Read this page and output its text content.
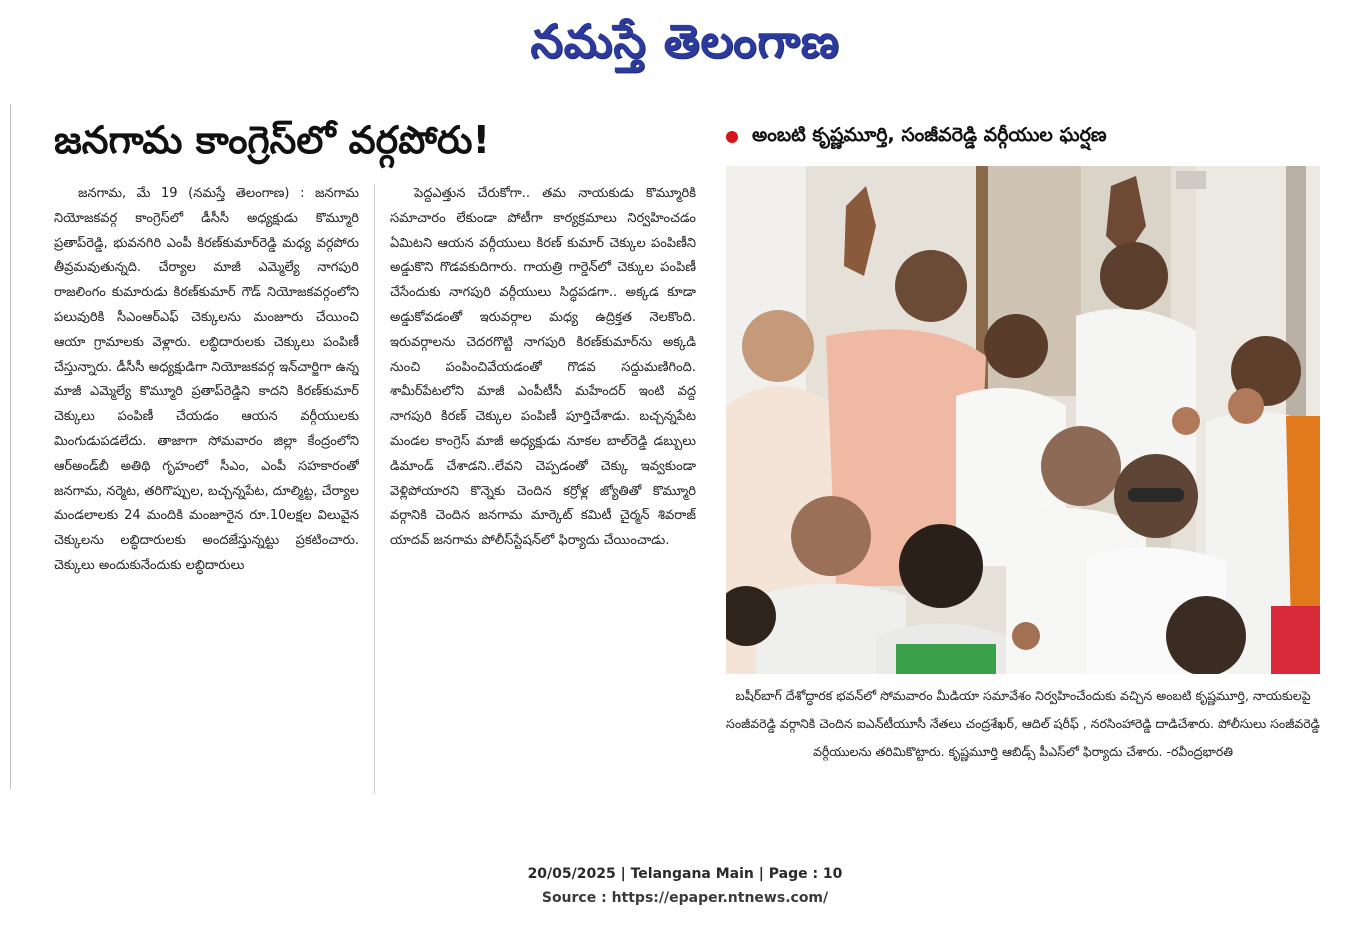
నమస్తే తెలంగాణ
జనగామ కాంగ్రెస్‌లో వర్గపోరు!

జనగామ, మే 19 (నమస్తే తెలంగాణ) : జనగామ నియోజకవర్గ కాంగ్రెస్‌లో డీసీసీ అధ్యక్షుడు కొమ్మూరి ప్రతాప్‌రెడ్డి, భువనగిరి ఎంపీ కిరణ్‌కుమార్‌రెడ్డి మధ్య వర్గపోరు తీవ్రమవుతున్నది. చేర్యాల మాజీ ఎమ్మెల్యే నాగపురి రాజలింగం కుమారుడు కిరణ్‌కుమార్ గౌడ్ నియోజకవర్గంలోని పలువురికి సీఎంఆర్‌ఎఫ్ చెక్కులను మంజూరు చేయించి ఆయా గ్రామాలకు వెళ్లారు. లబ్ధిదారులకు చెక్కులు పంపిణీ చేస్తున్నారు. డీసీసీ అధ్యక్షుడిగా నియోజకవర్గ ఇన్‌చార్జిగా ఉన్న మాజీ ఎమ్మెల్యే కొమ్మూరి ప్రతాప్‌రెడ్డిని కాదని కిరణ్‌కుమార్ చెక్కులు పంపిణీ చేయడం ఆయన వర్గీయులకు మింగుడుపడలేదు. తాజాగా సోమవారం జిల్లా కేంద్రంలోని ఆర్‌అండ్‌బీ అతిథి గృహంలో సీఎం, ఎంపీ సహకారంతో జనగామ, నర్మెట, తరిగొప్పుల, బచ్చన్నపేట, దూల్మిట్ట, చేర్యాల మండలాలకు 24 మందికి మంజూరైన రూ.10లక్షల విలువైన చెక్కులను లబ్ధిదారులకు అందజేస్తున్నట్టు ప్రకటించారు. చెక్కులు అందుకునేందుకు లబ్ధిదారులు

పెద్దఎత్తున చేరుకోగా.. తమ నాయకుడు కొమ్మూరికి సమాచారం లేకుండా పోటీగా కార్యక్రమాలు నిర్వహించడం ఏమిటని ఆయన వర్గీయులు కిరణ్ కుమార్ చెక్కుల పంపిణీని అడ్డుకొని గొడవకుదిగారు. గాయత్రి గార్డెన్‌లో చెక్కుల పంపిణీ చేసేందుకు నాగపురి వర్గీయులు సిద్ధపడగా.. అక్కడ కూడా అడ్డుకోవడంతో ఇరువర్గాల మధ్య ఉద్రిక్తత నెలకొంది. ఇరువర్గాలను చెదరగొట్టి నాగపురి కిరణ్‌కుమార్‌ను అక్కడి నుంచి పంపించివేయడంతో గొడవ సద్దుమణిగింది. శామీర్‌పేటలోని మాజీ ఎంపీటీసీ మహేందర్ ఇంటి వద్ద నాగపురి కిరణ్ చెక్కుల పంపిణీ పూర్తిచేశాడు. బచ్చన్నపేట మండల కాంగ్రెస్ మాజీ అధ్యక్షుడు నూకల బాల్‌రెడ్డి డబ్బులు డిమాండ్ చేశాడని..లేవని చెప్పడంతో చెక్కు ఇవ్వకుండా వెళ్లిపోయారని కొన్నెకు చెందిన కర్రోళ్ల జ్యోతితో కొమ్మూరి వర్గానికి చెందిన జనగామ మార్కెట్ కమిటీ చైర్మన్ శివరాజ్ యాదవ్ జనగామ పోలీస్‌స్టేషన్‌లో ఫిర్యాదు చేయించాడు.

అంబటి కృష్ణమూర్తి, సంజీవరెడ్డి వర్గీయుల ఘర్షణ

బషీర్‌బాగ్ దేశోద్ధారక భవన్‌లో సోమవారం మీడియా సమావేశం నిర్వహించేందుకు వచ్చిన అంబటి కృష్ణమూర్తి, నాయకులపై సంజీవరెడ్డి వర్గానికి చెందిన ఐఎన్‌టీయూసీ నేతలు చంద్రశేఖర్, ఆదిల్ షరీఫ్ , నరసింహారెడ్డి దాడిచేశారు. పోలీసులు సంజీవరెడ్డి వర్గీయులను తరిమికొట్టారు. కృష్ణమూర్తి ఆబిడ్స్ పీఎస్‌లో ఫిర్యాదు చేశారు. -రవీంద్రభారతి

20/05/2025 | Telangana Main | Page : 10
Source : https://epaper.ntnews.com/
